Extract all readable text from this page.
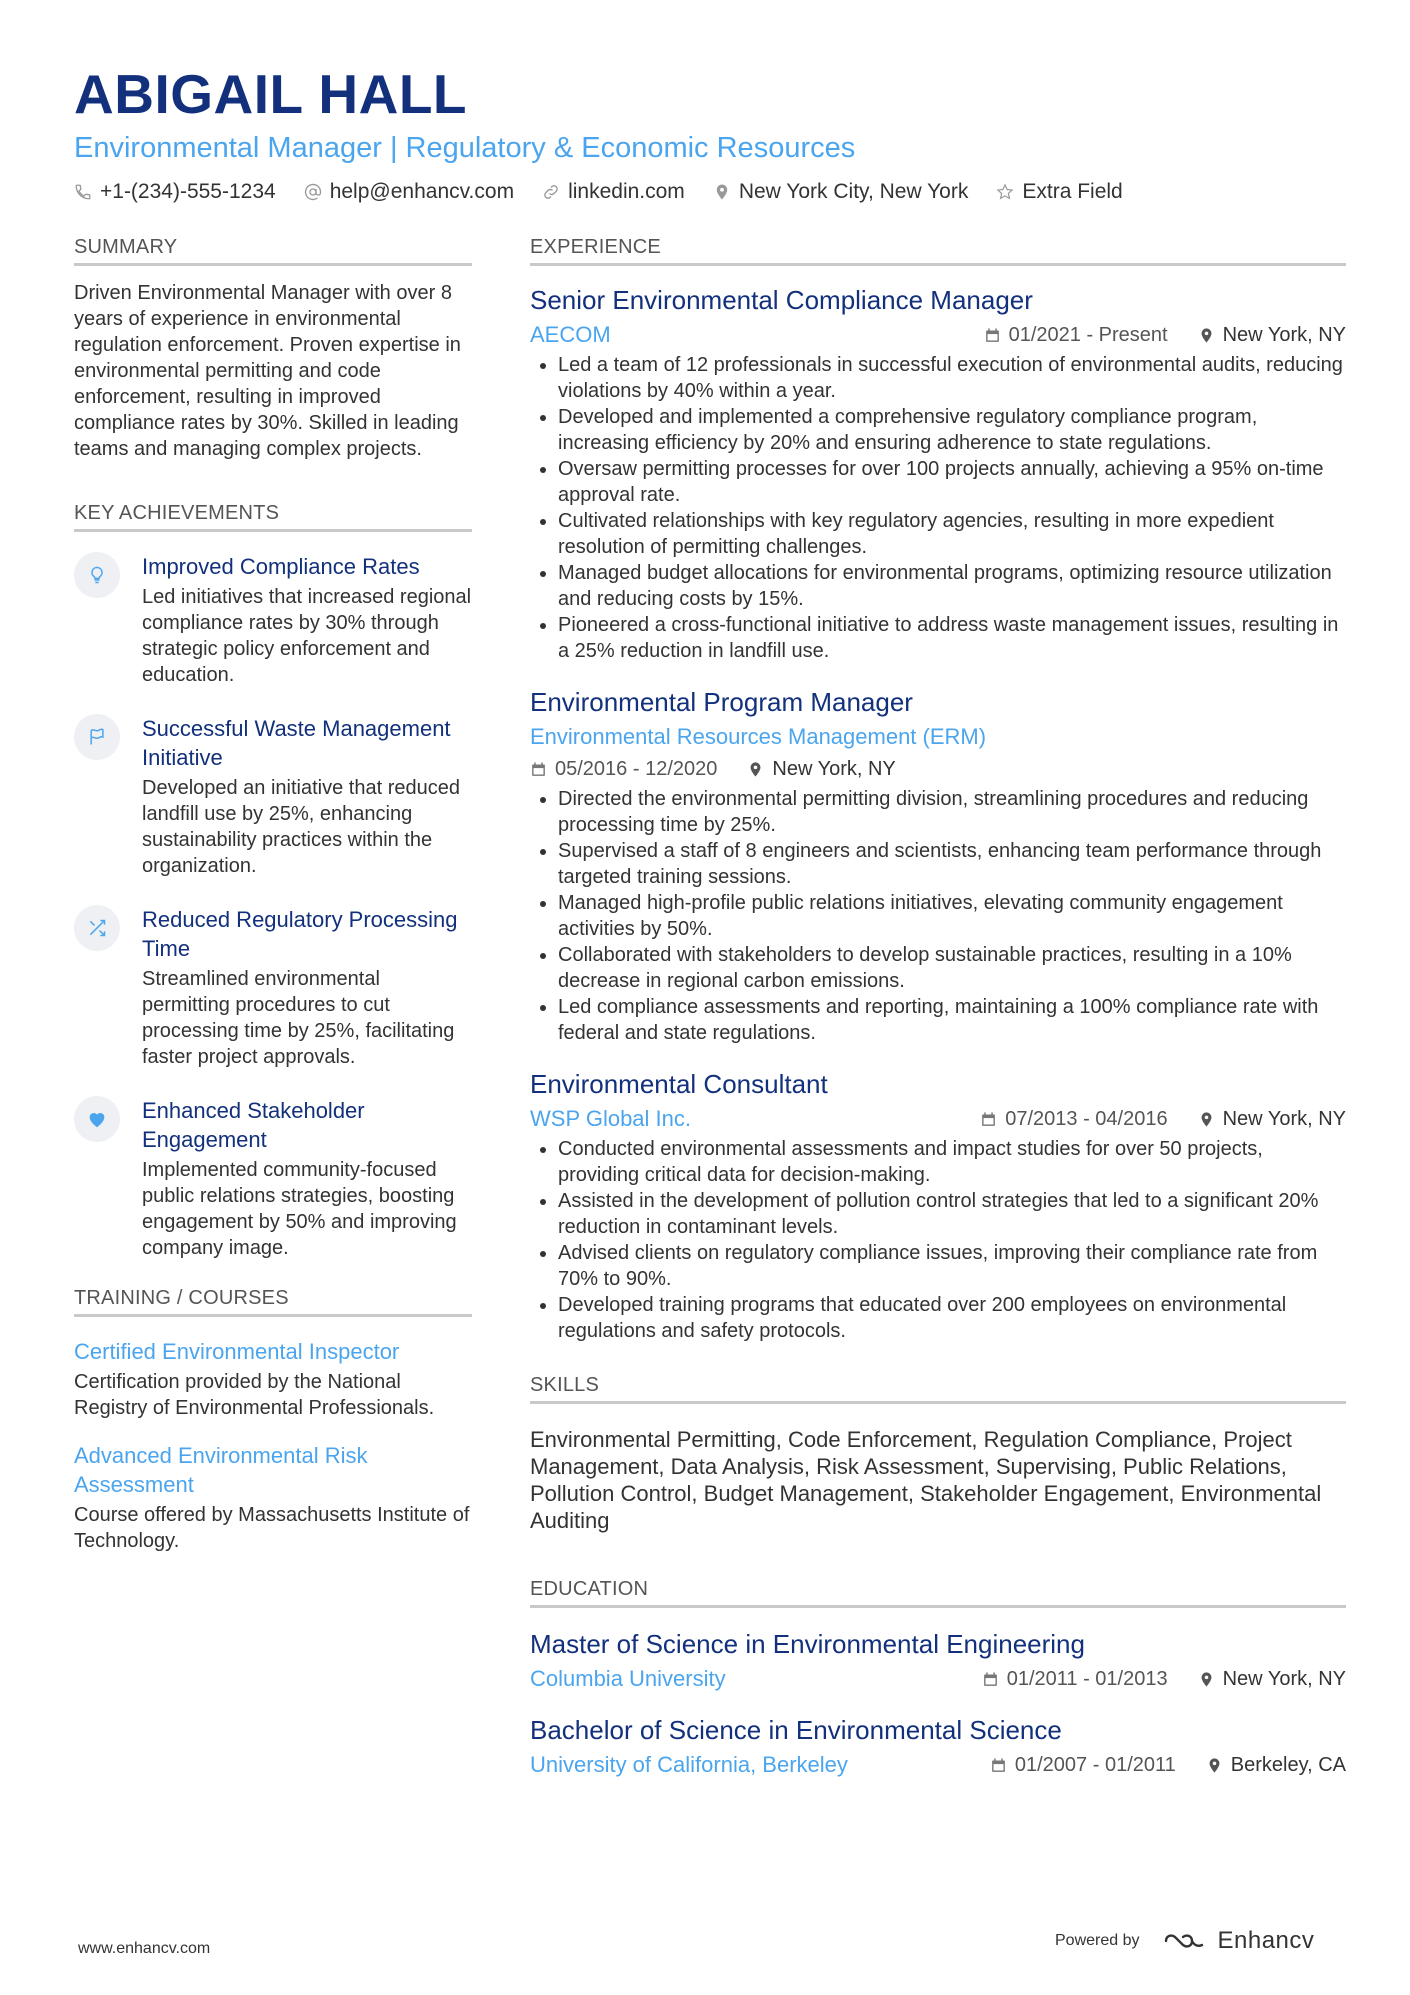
ABIGAIL HALL
Environmental Manager | Regulatory & Economic Resources
+1-(234)-555-1234	help@enhancv.com	linkedin.com	New York City, New York	Extra Field
SUMMARY
Driven Environmental Manager with over 8 years of experience in environmental regulation enforcement. Proven expertise in environmental permitting and code enforcement, resulting in improved compliance rates by 30%. Skilled in leading teams and managing complex projects.
KEY ACHIEVEMENTS
Improved Compliance Rates
Led initiatives that increased regional compliance rates by 30% through strategic policy enforcement and education.
Successful Waste Management Initiative
Developed an initiative that reduced landfill use by 25%, enhancing sustainability practices within the organization.
Reduced Regulatory Processing Time
Streamlined environmental permitting procedures to cut processing time by 25%, facilitating faster project approvals.
Enhanced Stakeholder Engagement
Implemented community-focused public relations strategies, boosting engagement by 50% and improving company image.
TRAINING / COURSES
Certified Environmental Inspector
Certification provided by the National Registry of Environmental Professionals.
Advanced Environmental Risk Assessment
Course offered by Massachusetts Institute of Technology.
EXPERIENCE
Senior Environmental Compliance Manager
AECOM	01/2021 - Present	New York, NY
• Led a team of 12 professionals in successful execution of environmental audits, reducing violations by 40% within a year.
• Developed and implemented a comprehensive regulatory compliance program, increasing efficiency by 20% and ensuring adherence to state regulations.
• Oversaw permitting processes for over 100 projects annually, achieving a 95% on-time approval rate.
• Cultivated relationships with key regulatory agencies, resulting in more expedient resolution of permitting challenges.
• Managed budget allocations for environmental programs, optimizing resource utilization and reducing costs by 15%.
• Pioneered a cross-functional initiative to address waste management issues, resulting in a 25% reduction in landfill use.
Environmental Program Manager
Environmental Resources Management (ERM)
05/2016 - 12/2020	New York, NY
• Directed the environmental permitting division, streamlining procedures and reducing processing time by 25%.
• Supervised a staff of 8 engineers and scientists, enhancing team performance through targeted training sessions.
• Managed high-profile public relations initiatives, elevating community engagement activities by 50%.
• Collaborated with stakeholders to develop sustainable practices, resulting in a 10% decrease in regional carbon emissions.
• Led compliance assessments and reporting, maintaining a 100% compliance rate with federal and state regulations.
Environmental Consultant
WSP Global Inc.	07/2013 - 04/2016	New York, NY
• Conducted environmental assessments and impact studies for over 50 projects, providing critical data for decision-making.
• Assisted in the development of pollution control strategies that led to a significant 20% reduction in contaminant levels.
• Advised clients on regulatory compliance issues, improving their compliance rate from 70% to 90%.
• Developed training programs that educated over 200 employees on environmental regulations and safety protocols.
SKILLS
Environmental Permitting, Code Enforcement, Regulation Compliance, Project Management, Data Analysis, Risk Assessment, Supervising, Public Relations, Pollution Control, Budget Management, Stakeholder Engagement, Environmental Auditing
EDUCATION
Master of Science in Environmental Engineering
Columbia University	01/2011 - 01/2013	New York, NY
Bachelor of Science in Environmental Science
University of California, Berkeley	01/2007 - 01/2011	Berkeley, CA
www.enhancv.com	Powered by	Enhancv
